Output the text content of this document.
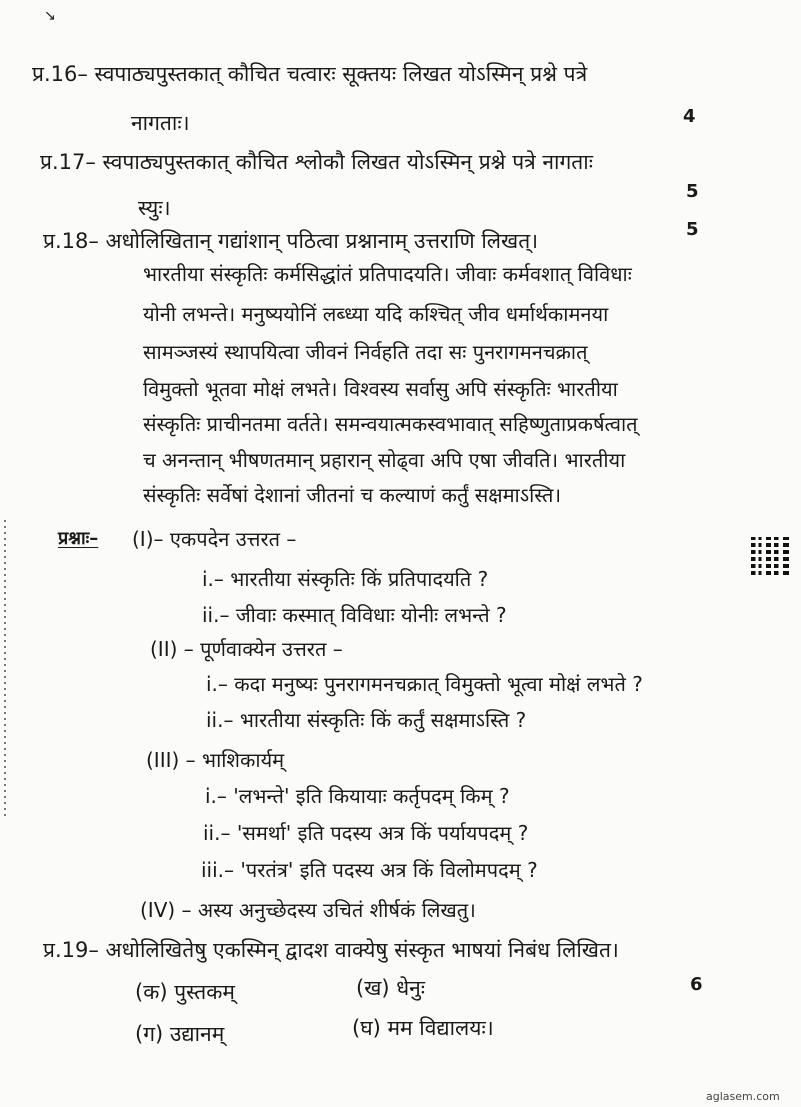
↘
प्र.16– स्वपाठ्यपुस्तकात् कौचित चत्वारः सूक्तयः लिखत योऽस्मिन् प्रश्ने पत्रे
नागताः।	4
प्र.17– स्वपाठ्यपुस्तकात् कौचित श्लोकौ लिखत योऽस्मिन् प्रश्ने पत्रे नागताः
स्युः।
5
प्र.18– अधोलिखितान् गद्यांशान् पठित्वा प्रश्नानाम् उत्तराणि लिखत्।	5
भारतीया संस्कृतिः कर्मसिद्धांतं प्रतिपादयति। जीवाः कर्मवशात् विविधाः
योनी लभन्ते। मनुष्ययोनिं लब्ध्या यदि कश्चित् जीव धर्मार्थकामनया
सामञ्जस्यं स्थापयित्वा जीवनं निर्वहति तदा सः पुनरागमनचक्रात्
विमुक्तो भूतवा मोक्षं लभते। विश्वस्य सर्वासु अपि संस्कृतिः भारतीया
संस्कृतिः प्राचीनतमा वर्तते। समन्वयात्मकस्वभावात् सहिष्णुताप्रकर्षत्वात्
च अनन्तान् भीषणतमान् प्रहारान् सोढ्वा अपि एषा जीवति। भारतीया
संस्कृतिः सर्वेषां देशानां जीतनां च कल्याणं कर्तुं सक्षमाऽस्ति।
प्रश्नाः– (I)– एकपदेन उत्तरत –
i.– भारतीया संस्कृतिः किं प्रतिपादयति ?
ii.– जीवाः कस्मात् विविधाः योनीः लभन्ते ?
(II) – पूर्णवाक्येन उत्तरत –
i.– कदा मनुष्यः पुनरागमनचक्रात् विमुक्तो भूत्वा मोक्षं लभते ?
ii.– भारतीया संस्कृतिः किं कर्तुं सक्षमाऽस्ति ?
(III) – भाशिकार्यम्
i.– 'लभन्ते' इति कियायाः कर्तृपदम् किम् ?
ii.– 'समर्था' इति पदस्य अत्र किं पर्यायपदम् ?
iii.– 'परतंत्र' इति पदस्य अत्र किं विलोमपदम् ?
(IV) – अस्य अनुच्छेदस्य उचितं शीर्षकं लिखतु।
प्र.19– अधोलिखितेषु एकस्मिन् द्वादश वाक्येषु संस्कृत भाषयां निबंध लिखित।
6
(क) पुस्तकम्	(ख) धेनुः
(ग) उद्यानम्	(घ) मम विद्यालयः।
aglasem.com
